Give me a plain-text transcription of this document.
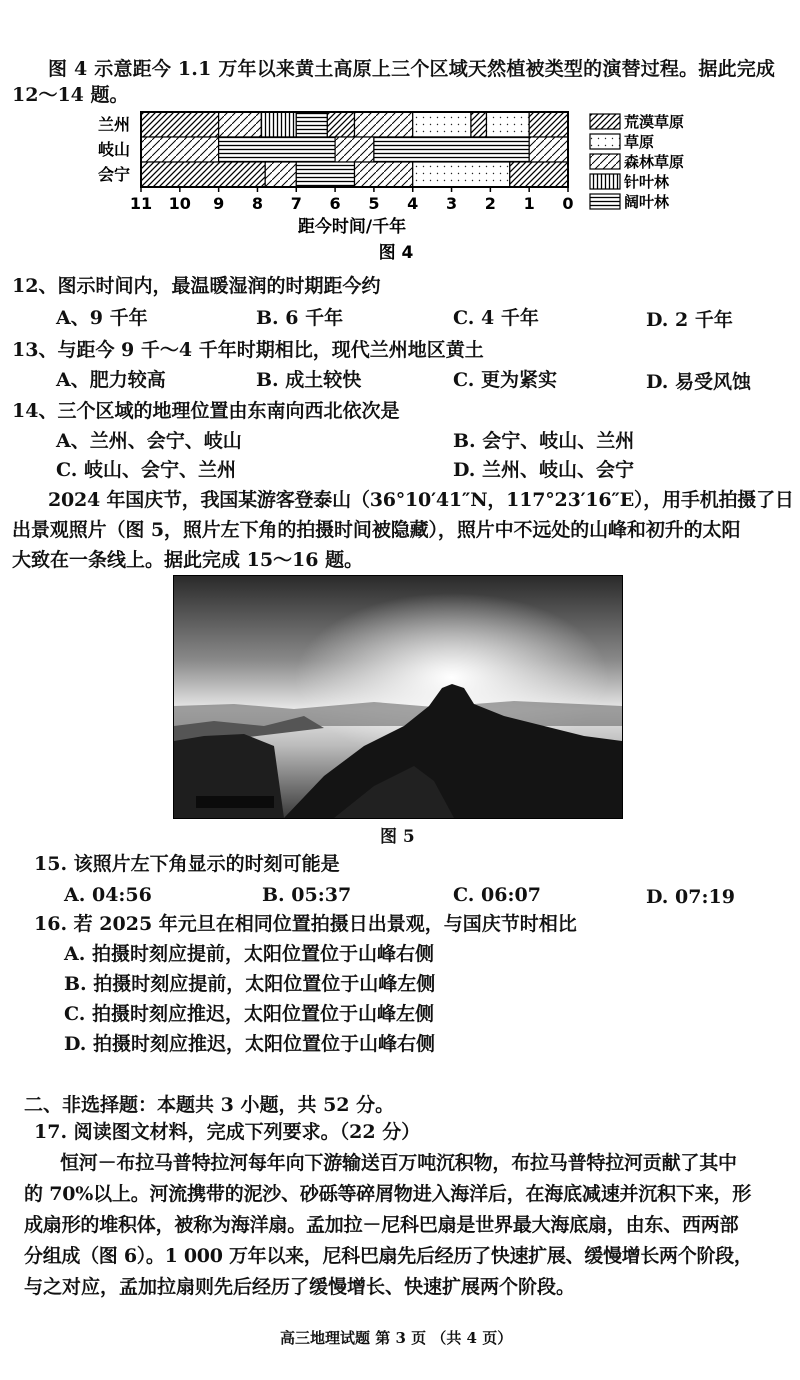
图 4 示意距今 1.1 万年以来黄土高原上三个区域天然植被类型的演替过程。据此完成
12～14 题。
兰州
岐山
会宁
11 10 9 8 7 6 5 4 3 2 1 0
荒漠草原
草原
森林草原
针叶林
阔叶林
距今时间/千年
图 4
12、图示时间内，最温暖湿润的时期距今约
A、9 千年	B. 6 千年	C. 4 千年	D. 2 千年
13、与距今 9 千～4 千年时期相比，现代兰州地区黄土
A、肥力较高	B. 成土较快	C. 更为紧实	D. 易受风蚀
14、三个区域的地理位置由东南向西北依次是
A、兰州、会宁、岐山	B. 会宁、岐山、兰州
C. 岐山、会宁、兰州	D. 兰州、岐山、会宁
2024 年国庆节，我国某游客登泰山（36°10′41″N，117°23′16″E），用手机拍摄了日
出景观照片（图 5，照片左下角的拍摄时间被隐藏），照片中不远处的山峰和初升的太阳
大致在一条线上。据此完成 15～16 题。
图 5
15. 该照片左下角显示的时刻可能是
A. 04:56	B. 05:37	C. 06:07	D. 07:19
16. 若 2025 年元旦在相同位置拍摄日出景观，与国庆节时相比
A. 拍摄时刻应提前，太阳位置位于山峰右侧
B. 拍摄时刻应提前，太阳位置位于山峰左侧
C. 拍摄时刻应推迟，太阳位置位于山峰左侧
D. 拍摄时刻应推迟，太阳位置位于山峰右侧
二、非选择题：本题共 3 小题，共 52 分。
17. 阅读图文材料，完成下列要求。（22 分）
恒河－布拉马普特拉河每年向下游输送百万吨沉积物，布拉马普特拉河贡献了其中
的 70%以上。河流携带的泥沙、砂砾等碎屑物进入海洋后，在海底减速并沉积下来，形
成扇形的堆积体，被称为海洋扇。孟加拉－尼科巴扇是世界最大海底扇，由东、西两部
分组成（图 6）。1 000 万年以来，尼科巴扇先后经历了快速扩展、缓慢增长两个阶段，
与之对应，孟加拉扇则先后经历了缓慢增长、快速扩展两个阶段。
高三地理试题 第 3 页 （共 4 页）
